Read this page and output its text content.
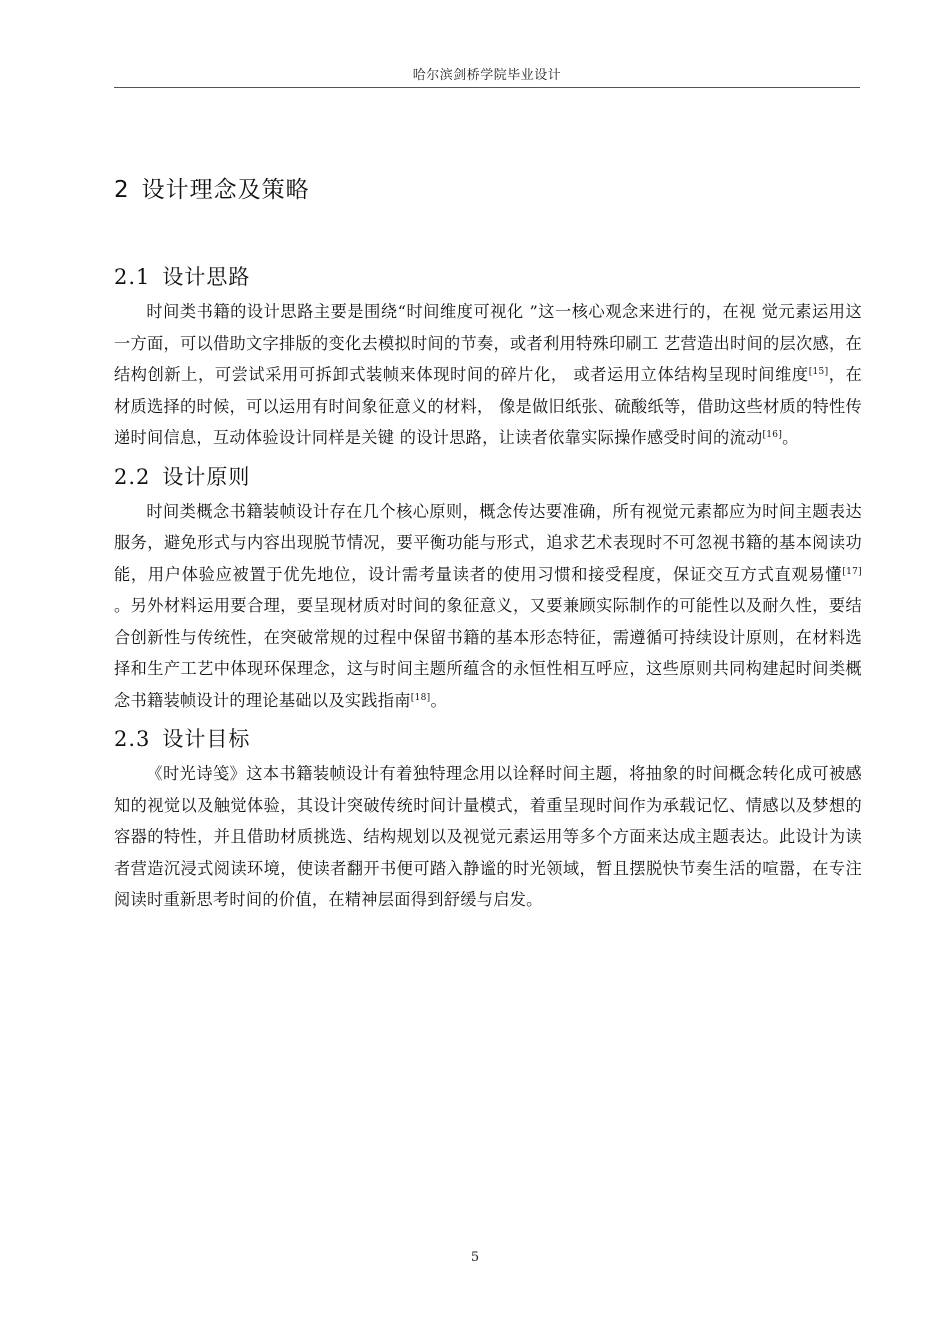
哈尔滨剑桥学院毕业设计
2 设计理念及策略
2.1 设计思路

时间类书籍的设计思路主要是围绕“时间维度可视化 ”这一核心观念来进行的，在视 觉元素运用这一方面，可以借助文字排版的变化去模拟时间的节奏，或者利用特殊印刷工 艺营造出时间的层次感，在结构创新上，可尝试采用可拆卸式装帧来体现时间的碎片化， 或者运用立体结构呈现时间维度[15]，在材质选择的时候，可以运用有时间象征意义的材料， 像是做旧纸张、硫酸纸等，借助这些材质的特性传递时间信息，互动体验设计同样是关键 的设计思路，让读者依靠实际操作感受时间的流动[16]。

2.2 设计原则

时间类概念书籍装帧设计存在几个核心原则，概念传达要准确，所有视觉元素都应为时间主题表达服务，避免形式与内容出现脱节情况，要平衡功能与形式，追求艺术表现时不可忽视书籍的基本阅读功能，用户体验应被置于优先地位，设计需考量读者的使用习惯和接受程度，保证交互方式直观易懂[17] 。另外材料运用要合理，要呈现材质对时间的象征意义，又要兼顾实际制作的可能性以及耐久性，要结合创新性与传统性，在突破常规的过程中保留书籍的基本形态特征，需遵循可持续设计原则，在材料选择和生产工艺中体现环保理念，这与时间主题所蕴含的永恒性相互呼应，这些原则共同构建起时间类概念书籍装帧设计的理论基础以及实践指南[18]。

2.3 设计目标

《时光诗笺》这本书籍装帧设计有着独特理念用以诠释时间主题，将抽象的时间概念转化成可被感知的视觉以及触觉体验，其设计突破传统时间计量模式，着重呈现时间作为承载记忆、情感以及梦想的容器的特性，并且借助材质挑选、结构规划以及视觉元素运用等多个方面来达成主题表达。此设计为读者营造沉浸式阅读环境，使读者翻开书便可踏入静谧的时光领域，暂且摆脱快节奏生活的喧嚣，在专注阅读时重新思考时间的价值，在精神层面得到舒缓与启发。

5
